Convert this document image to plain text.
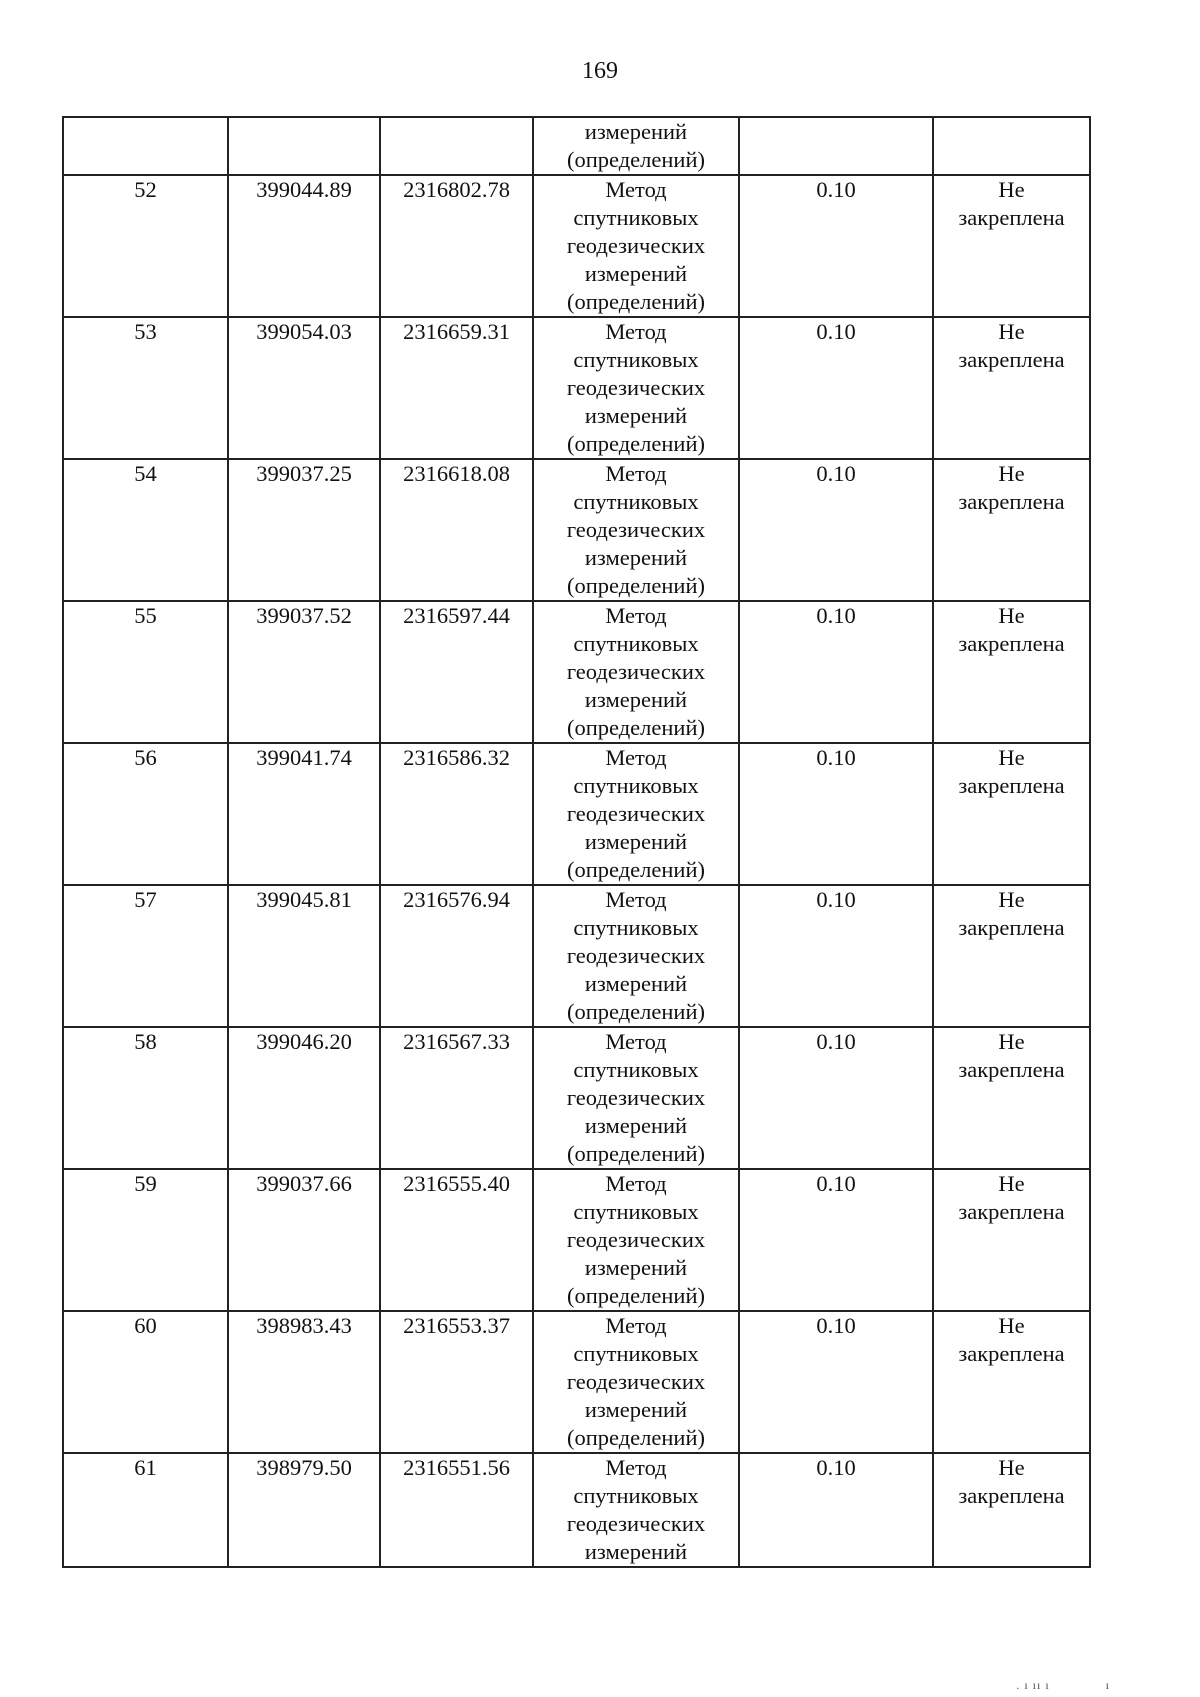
169

			измерений
(определений)		

52	399044.89	2316802.78	Метод
спутниковых
геодезических
измерений
(определений)	0.10	Не
закреплена

53	399054.03	2316659.31	Метод
спутниковых
геодезических
измерений
(определений)	0.10	Не
закреплена

54	399037.25	2316618.08	Метод
спутниковых
геодезических
измерений
(определений)	0.10	Не
закреплена

55	399037.52	2316597.44	Метод
спутниковых
геодезических
измерений
(определений)	0.10	Не
закреплена

56	399041.74	2316586.32	Метод
спутниковых
геодезических
измерений
(определений)	0.10	Не
закреплена

57	399045.81	2316576.94	Метод
спутниковых
геодезических
измерений
(определений)	0.10	Не
закреплена

58	399046.20	2316567.33	Метод
спутниковых
геодезических
измерений
(определений)	0.10	Не
закреплена

59	399037.66	2316555.40	Метод
спутниковых
геодезических
измерений
(определений)	0.10	Не
закреплена

60	398983.43	2316553.37	Метод
спутниковых
геодезических
измерений
(определений)	0.10	Не
закреплена

61	398979.50	2316551.56	Метод
спутниковых
геодезических
измерений	0.10	Не
закреплена
. ı ıı ı              ı
